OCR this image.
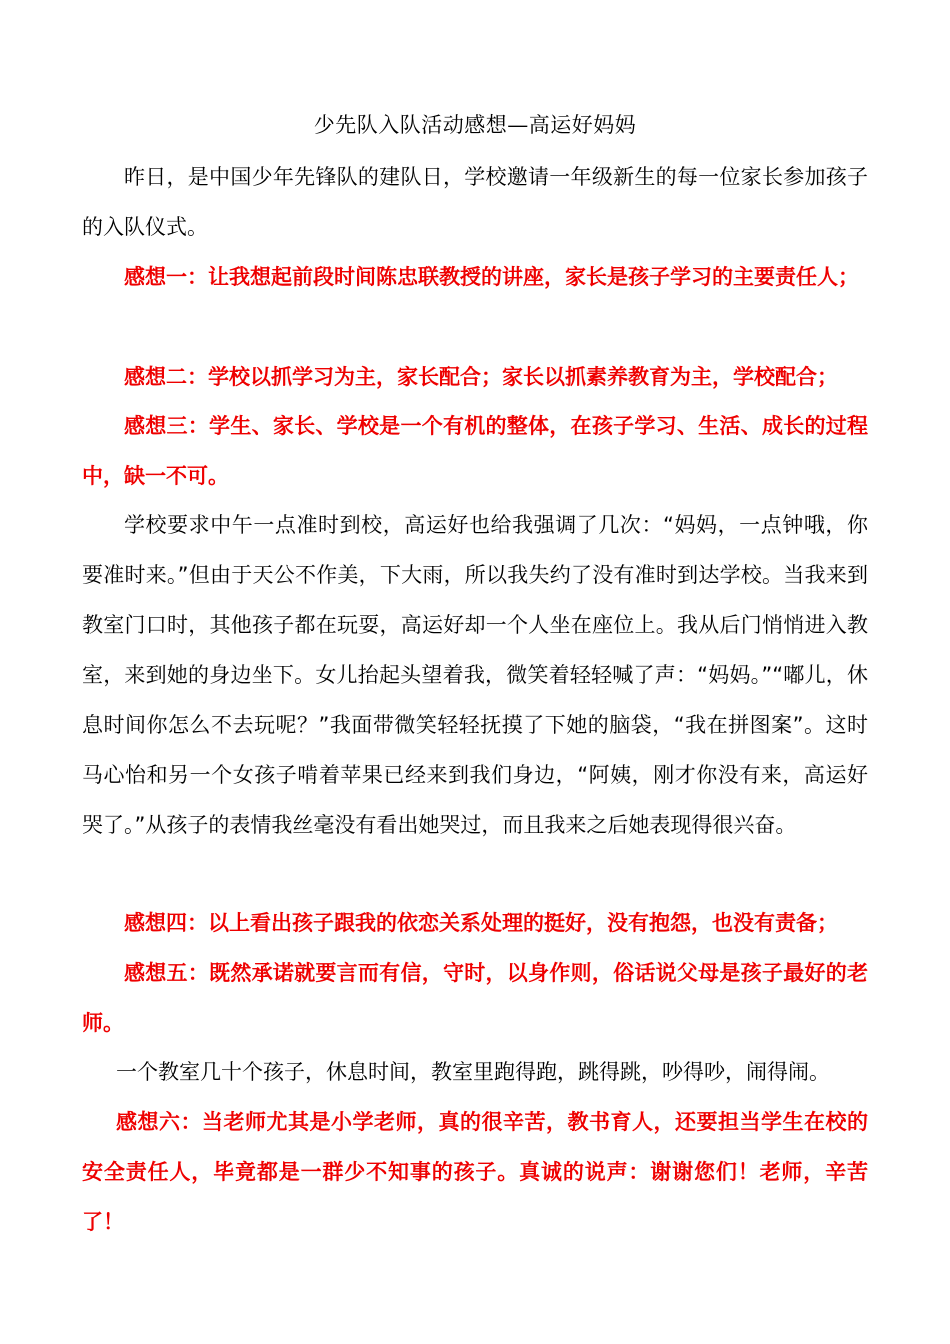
少先队入队活动感想—高运好妈妈

昨日，是中国少年先锋队的建队日，学校邀请一年级新生的每一位家长参加孩子的入队仪式。

感想一：让我想起前段时间陈忠联教授的讲座，家长是孩子学习的主要责任人；

感想二：学校以抓学习为主，家长配合；家长以抓素养教育为主，学校配合；

感想三：学生、家长、学校是一个有机的整体，在孩子学习、生活、成长的过程中，缺一不可。

学校要求中午一点准时到校，高运好也给我强调了几次：“妈妈，一点钟哦，你要准时来。”但由于天公不作美，下大雨，所以我失约了没有准时到达学校。当我来到教室门口时，其他孩子都在玩耍，高运好却一个人坐在座位上。我从后门悄悄进入教室，来到她的身边坐下。女儿抬起头望着我，微笑着轻轻喊了声：“妈妈。”“嘟儿，休息时间你怎么不去玩呢？”我面带微笑轻轻抚摸了下她的脑袋，“我在拼图案”。这时马心怡和另一个女孩子啃着苹果已经来到我们身边，“阿姨，刚才你没有来，高运好哭了。”从孩子的表情我丝毫没有看出她哭过，而且我来之后她表现得很兴奋。

感想四：以上看出孩子跟我的依恋关系处理的挺好，没有抱怨，也没有责备；

感想五：既然承诺就要言而有信，守时，以身作则，俗话说父母是孩子最好的老师。

一个教室几十个孩子，休息时间，教室里跑得跑，跳得跳，吵得吵，闹得闹。

感想六：当老师尤其是小学老师，真的很辛苦，教书育人，还要担当学生在校的安全责任人，毕竟都是一群少不知事的孩子。真诚的说声：谢谢您们！老师，辛苦了！
